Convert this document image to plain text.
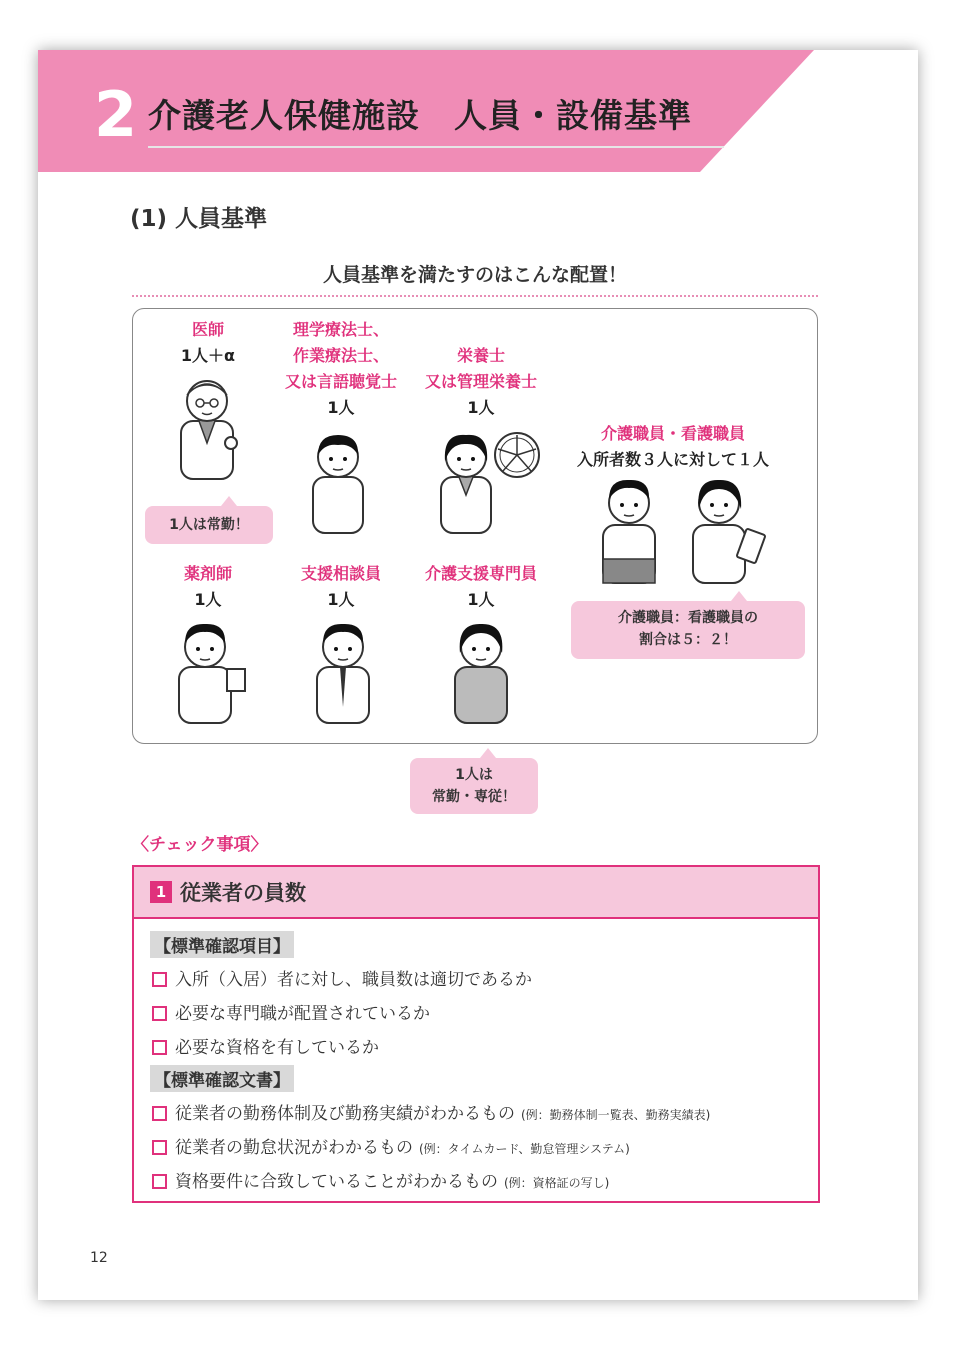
2 介護老人保健施設　人員・設備基準
(1) 人員基準
人員基準を満たすのはこんな配置！
医師
1人＋α
1人は常勤！
理学療法士、
作業療法士、
又は言語聴覚士
1人
栄養士
又は管理栄養士
1人
介護職員・看護職員
入所者数３人に対して１人
介護職員：看護職員の
割合は５：２！
薬剤師
1人
支援相談員
1人
介護支援専門員
1人
1人は
常勤・専従！
〈チェック事項〉
1 従業者の員数
【標準確認項目】
入所（入居）者に対し、職員数は適切であるか
必要な専門職が配置されているか
必要な資格を有しているか
【標準確認文書】
従業者の勤務体制及び勤務実績がわかるもの (例：勤務体制一覧表、勤務実績表)
従業者の勤怠状況がわかるもの (例：タイムカード、勤怠管理システム)
資格要件に合致していることがわかるもの (例：資格証の写し)
12
